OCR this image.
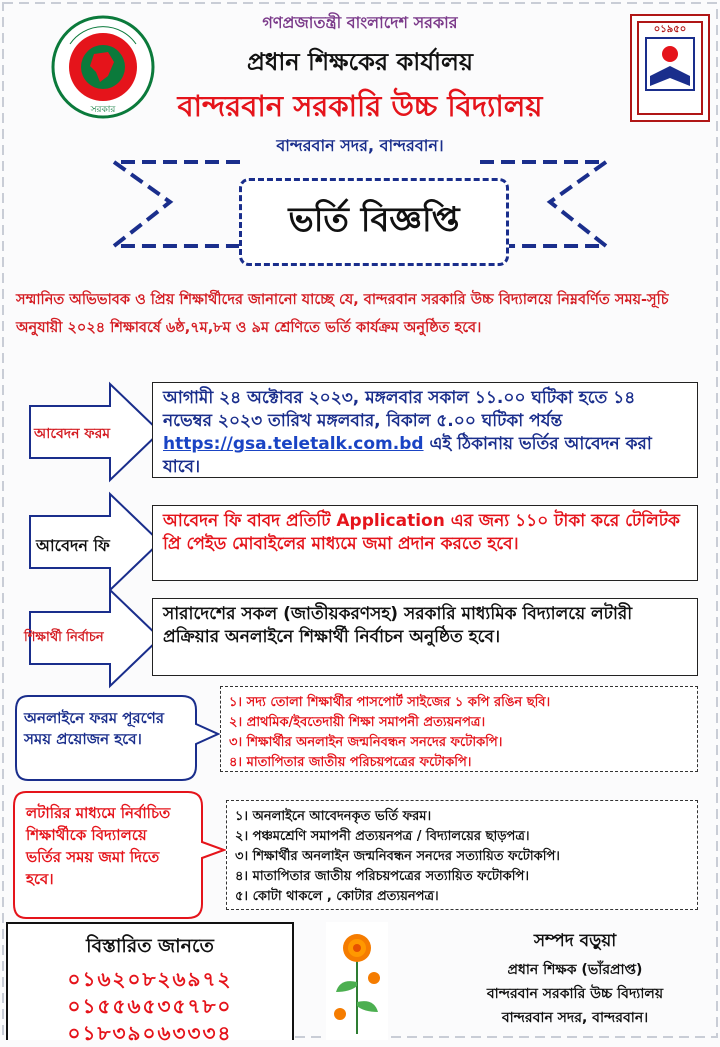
সরকার
০১৯৫০
গণপ্রজাতন্ত্রী বাংলাদেশ সরকার
প্রধান শিক্ষকের কার্যালয়
বান্দরবান সরকারি উচ্চ বিদ্যালয়
বান্দরবান সদর, বান্দরবান।
ভর্তি বিজ্ঞপ্তি
সম্মানিত অভিভাবক ও প্রিয় শিক্ষার্থীদের জানানো যাচ্ছে যে, বান্দরবান সরকারি উচ্চ বিদ্যালয়ে নিম্নবর্ণিত সময়-সূচি অনুযায়ী ২০২৪ শিক্ষাবর্ষে ৬ষ্ঠ,৭ম,৮ম ও ৯ম শ্রেণিতে ভর্তি কার্যক্রম অনুষ্ঠিত হবে।
আবেদন ফরম
আগামী ২৪ অক্টোবর ২০২৩, মঙ্গলবার সকাল ১১.০০ ঘটিকা হতে ১৪ নভেম্বর ২০২৩ তারিখ মঙ্গলবার, বিকাল ৫.০০ ঘটিকা পর্যন্ত https://gsa.teletalk.com.bd এই ঠিকানায় ভর্তির আবেদন করা যাবে।
আবেদন ফি
আবেদন ফি বাবদ প্রতিটি Application এর জন্য ১১০ টাকা করে টেলিটক প্রি পেইড মোবাইলের মাধ্যমে জমা প্রদান করতে হবে।
শিক্ষার্থী নির্বাচন
সারাদেশের সকল (জাতীয়করণসহ) সরকারি মাধ্যমিক বিদ্যালয়ে লটারী প্রক্রিয়ার অনলাইনে শিক্ষার্থী নির্বাচন অনুষ্ঠিত হবে।
অনলাইনে ফরম পূরণের সময় প্রয়োজন হবে।
১। সদ্য তোলা শিক্ষার্থীর পাসপোর্ট সাইজের ১ কপি রঙিন ছবি।
২। প্রাথমিক/ইবতেদায়ী শিক্ষা সমাপনী প্রত্যয়নপত্র।
৩। শিক্ষার্থীর অনলাইন জন্মনিবন্ধন সনদের ফটোকপি।
৪। মাতাপিতার জাতীয় পরিচয়পত্রের ফটোকপি।
লটারির মাধ্যমে নির্বাচিত শিক্ষার্থীকে বিদ্যালয়ে ভর্তির সময় জমা দিতে হবে।
১। অনলাইনে আবেদনকৃত ভর্তি ফরম।
২। পঞ্চমশ্রেণি সমাপনী প্রত্যয়নপত্র / বিদ্যালয়ের ছাড়পত্র।
৩। শিক্ষার্থীর অনলাইন জন্মনিবন্ধন সনদের সত্যায়িত ফটোকপি।
৪। মাতাপিতার জাতীয় পরিচয়পত্রের সত্যায়িত ফটোকপি।
৫। কোটা থাকলে , কোটার প্রত্যয়নপত্র।
বিস্তারিত জানতে
০১৬২০৮২৬৯৭২
০১৫৫৬৫৩৫৭৮০
০১৮৩৯০৬৩৩৩৪
সম্পদ বড়ুয়া
প্রধান শিক্ষক (ভাঁরপ্রাপ্ত)
বান্দরবান সরকারি উচ্চ বিদ্যালয়
বান্দরবান সদর, বান্দরবান।
